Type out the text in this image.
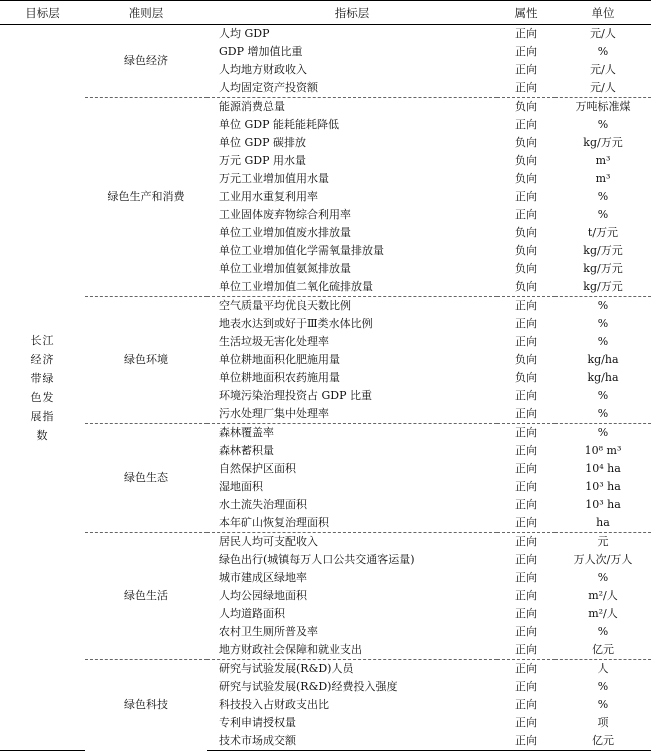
目标层	准则层	指标层	属性	单位
长江经济带绿色发展指数	绿色经济	人均 GDP	正向	元/人
		GDP 增加值比重	正向	%
		人均地方财政收入	正向	元/人
		人均固定资产投资额	正向	元/人
	绿色生产和消费	能源消费总量	负向	万吨标准煤
		单位 GDP 能耗能耗降低	正向	%
		单位 GDP 碳排放	负向	kg/万元
		万元 GDP 用水量	负向	m³
		万元工业增加值用水量	负向	m³
		工业用水重复利用率	正向	%
		工业固体废弃物综合利用率	正向	%
		单位工业增加值废水排放量	负向	t/万元
		单位工业增加值化学需氧量排放量	负向	kg/万元
		单位工业增加值氨氮排放量	负向	kg/万元
		单位工业增加值二氧化硫排放量	负向	kg/万元
	绿色环境	空气质量平均优良天数比例	正向	%
		地表水达到或好于Ⅲ类水体比例	正向	%
		生活垃圾无害化处理率	正向	%
		单位耕地面积化肥施用量	负向	kg/ha
		单位耕地面积农药施用量	负向	kg/ha
		环境污染治理投资占 GDP 比重	正向	%
		污水处理厂集中处理率	正向	%
	绿色生态	森林覆盖率	正向	%
		森林蓄积量	正向	10⁸ m³
		自然保护区面积	正向	10⁴ ha
		湿地面积	正向	10³ ha
		水土流失治理面积	正向	10³ ha
		本年矿山恢复治理面积	正向	ha
	绿色生活	居民人均可支配收入	正向	元
		绿色出行(城镇每万人口公共交通客运量)	正向	万人次/万人
		城市建成区绿地率	正向	%
		人均公园绿地面积	正向	m²/人
		人均道路面积	正向	m²/人
		农村卫生厕所普及率	正向	%
		地方财政社会保障和就业支出	正向	亿元
	绿色科技	研究与试验发展(R&D)人员	正向	人
		研究与试验发展(R&D)经费投入强度	正向	%
		科技投入占财政支出比	正向	%
		专利申请授权量	正向	项
		技术市场成交额	正向	亿元
